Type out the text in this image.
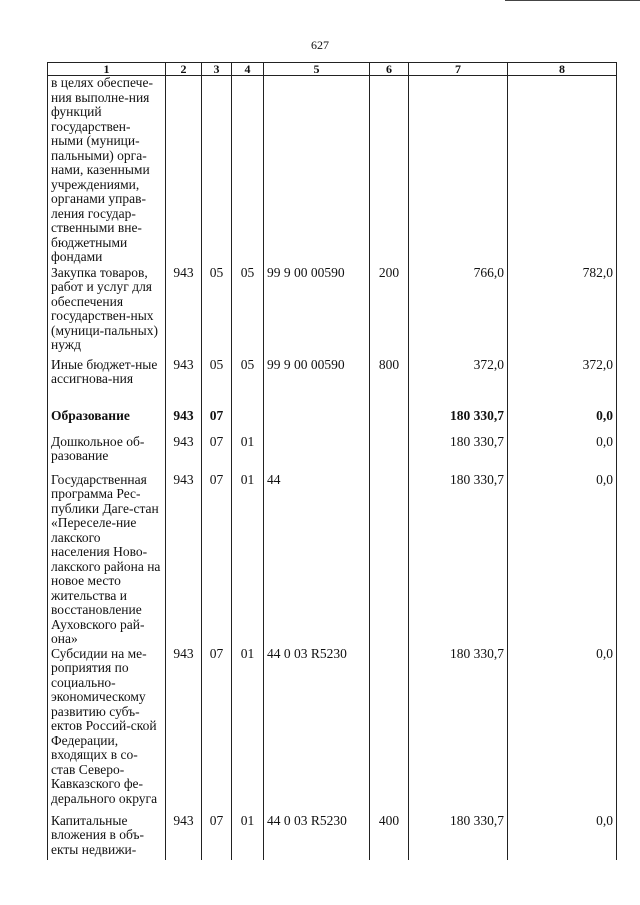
627
1	2	3	4	5	6	7	8
в целях обеспече-ния выполне-ния функций государствен-ными (муници-пальными) орга-нами, казенными учреждениями, органами управ-ления государ-ственными вне-бюджетными фондами							
Закупка товаров, работ и услуг для обеспечения государствен-ных (муници-пальных) нужд	943	05	05	99 9 00 00590	200	766,0	782,0
Иные бюджет-ные ассигнова-ния	943	05	05	99 9 00 00590	800	372,0	372,0
Образование	943	07				180 330,7	0,0
Дошкольное об-разование	943	07	01			180 330,7	0,0
Государственная программа Рес-публики Даге-стан «Переселе-ние лакского населения Ново-лакского района на новое место жительства и восстановление Ауховского рай-она»	943	07	01	44		180 330,7	0,0
Субсидии на ме-роприятия по социально-экономическому развитию субъ-ектов Россий-ской Федерации, входящих в со-став Северо-Кавказского фе-дерального округа	943	07	01	44 0 03 R5230		180 330,7	0,0
Капитальные вложения в объ-екты недвижи-	943	07	01	44 0 03 R5230	400	180 330,7	0,0
